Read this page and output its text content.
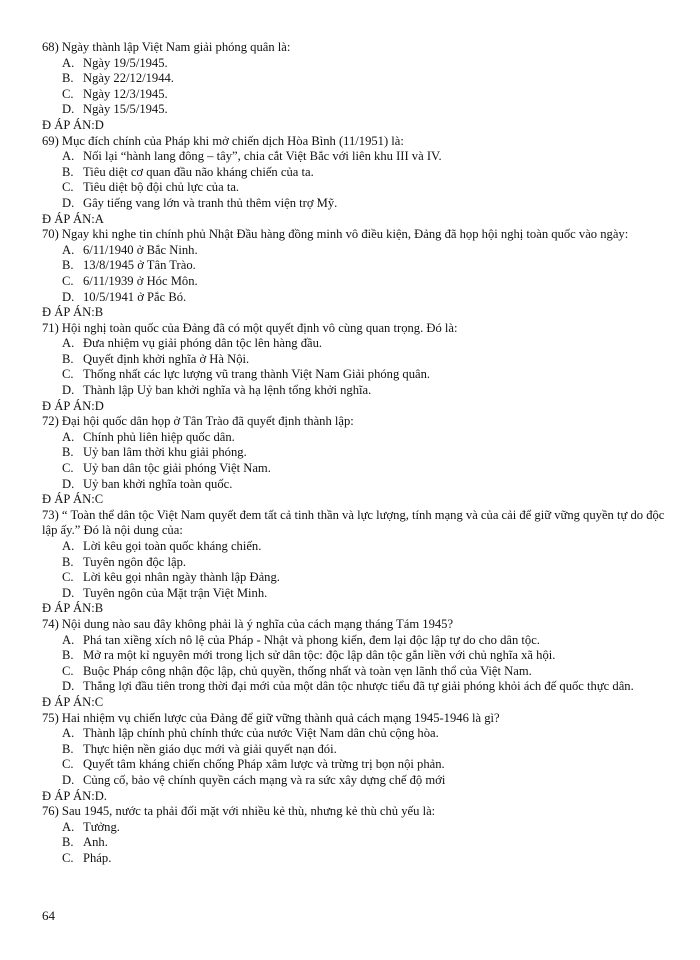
68) Ngày thành lập Việt Nam giải phóng quân là:
A. Ngày 19/5/1945.
B. Ngày 22/12/1944.
C. Ngày 12/3/1945.
D. Ngày 15/5/1945.
Đ ÁP ÁN:D
69) Mục đích chính của Pháp khi mở chiến dịch Hòa Bình (11/1951) là:
A. Nối lại “hành lang đông – tây”, chia cắt Việt Bắc với liên khu III và IV.
B. Tiêu diệt cơ quan đầu não kháng chiến của ta.
C. Tiêu diệt bộ đội chủ lực của ta.
D. Gây tiếng vang lớn và tranh thủ thêm viện trợ Mỹ.
Đ ÁP ÁN:A
70) Ngay khi nghe tin chính phủ Nhật Đầu hàng đồng minh vô điều kiện, Đảng đã họp hội nghị toàn quốc vào ngày:
A. 6/11/1940 ở Bắc Ninh.
B. 13/8/1945 ở Tân Trào.
C. 6/11/1939 ở Hóc Môn.
D. 10/5/1941 ở Pắc Bó.
Đ ÁP ÁN:B
71) Hội nghị toàn quốc của Đảng đã có một quyết định vô cùng quan trọng. Đó là:
A. Đưa nhiệm vụ giải phóng dân tộc lên hàng đầu.
B. Quyết định khởi nghĩa ở Hà Nội.
C. Thống nhất các lực lượng vũ trang thành Việt Nam Giải phóng quân.
D. Thành lập Uỷ ban khởi nghĩa và hạ lệnh tổng khởi nghĩa.
Đ ÁP ÁN:D
72) Đại hội quốc dân họp ở Tân Trào đã quyết định thành lập:
A. Chính phủ liên hiệp quốc dân.
B. Uỷ ban lâm thời khu giải phóng.
C. Uỷ ban dân tộc giải phóng Việt Nam.
D. Uỷ ban khởi nghĩa toàn quốc.
Đ ÁP ÁN:C
73) “ Toàn thể dân tộc Việt Nam quyết đem tất cả tinh thần và lực lượng, tính mạng và của cải để giữ vững quyền tự do độc lập ấy.” Đó là nội dung của:
A. Lời kêu gọi toàn quốc kháng chiến.
B. Tuyên ngôn độc lập.
C. Lời kêu gọi nhân ngày thành lập Đảng.
D. Tuyên ngôn của Mặt trận Việt Minh.
Đ ÁP ÁN:B
74) Nội dung nào sau đây không phải là ý nghĩa của cách mạng tháng Tám 1945?
A. Phá tan xiềng xích nô lệ của Pháp - Nhật và phong kiến, đem lại độc lập tự do cho dân tộc.
B. Mở ra một kỉ nguyên mới trong lịch sử dân tộc: độc lập dân tộc gắn liền với chủ nghĩa xã hội.
C. Buộc Pháp công nhận độc lập, chủ quyền, thống nhất và toàn vẹn lãnh thổ của Việt Nam.
D. Thắng lợi đầu tiên trong thời đại mới của một dân tộc nhược tiểu đã tự giải phóng khỏi ách đế quốc thực dân.
Đ ÁP ÁN:C
75) Hai nhiệm vụ chiến lược của Đảng để giữ vững thành quả cách mạng 1945-1946 là gì?
A. Thành lập chính phủ chính thức của nước Việt Nam dân chủ cộng hòa.
B. Thực hiện nền giáo dục mới và giải quyết nạn đói.
C. Quyết tâm kháng chiến chống Pháp xâm lược và trừng trị bọn nội phản.
D. Củng cố, bảo vệ chính quyền cách mạng và ra sức xây dựng chế độ mới
Đ ÁP ÁN:D.
76) Sau 1945, nước ta phải đối mặt với nhiều kẻ thù, nhưng kẻ thù chủ yếu là:
A. Tưởng.
B. Anh.
C. Pháp.
64
